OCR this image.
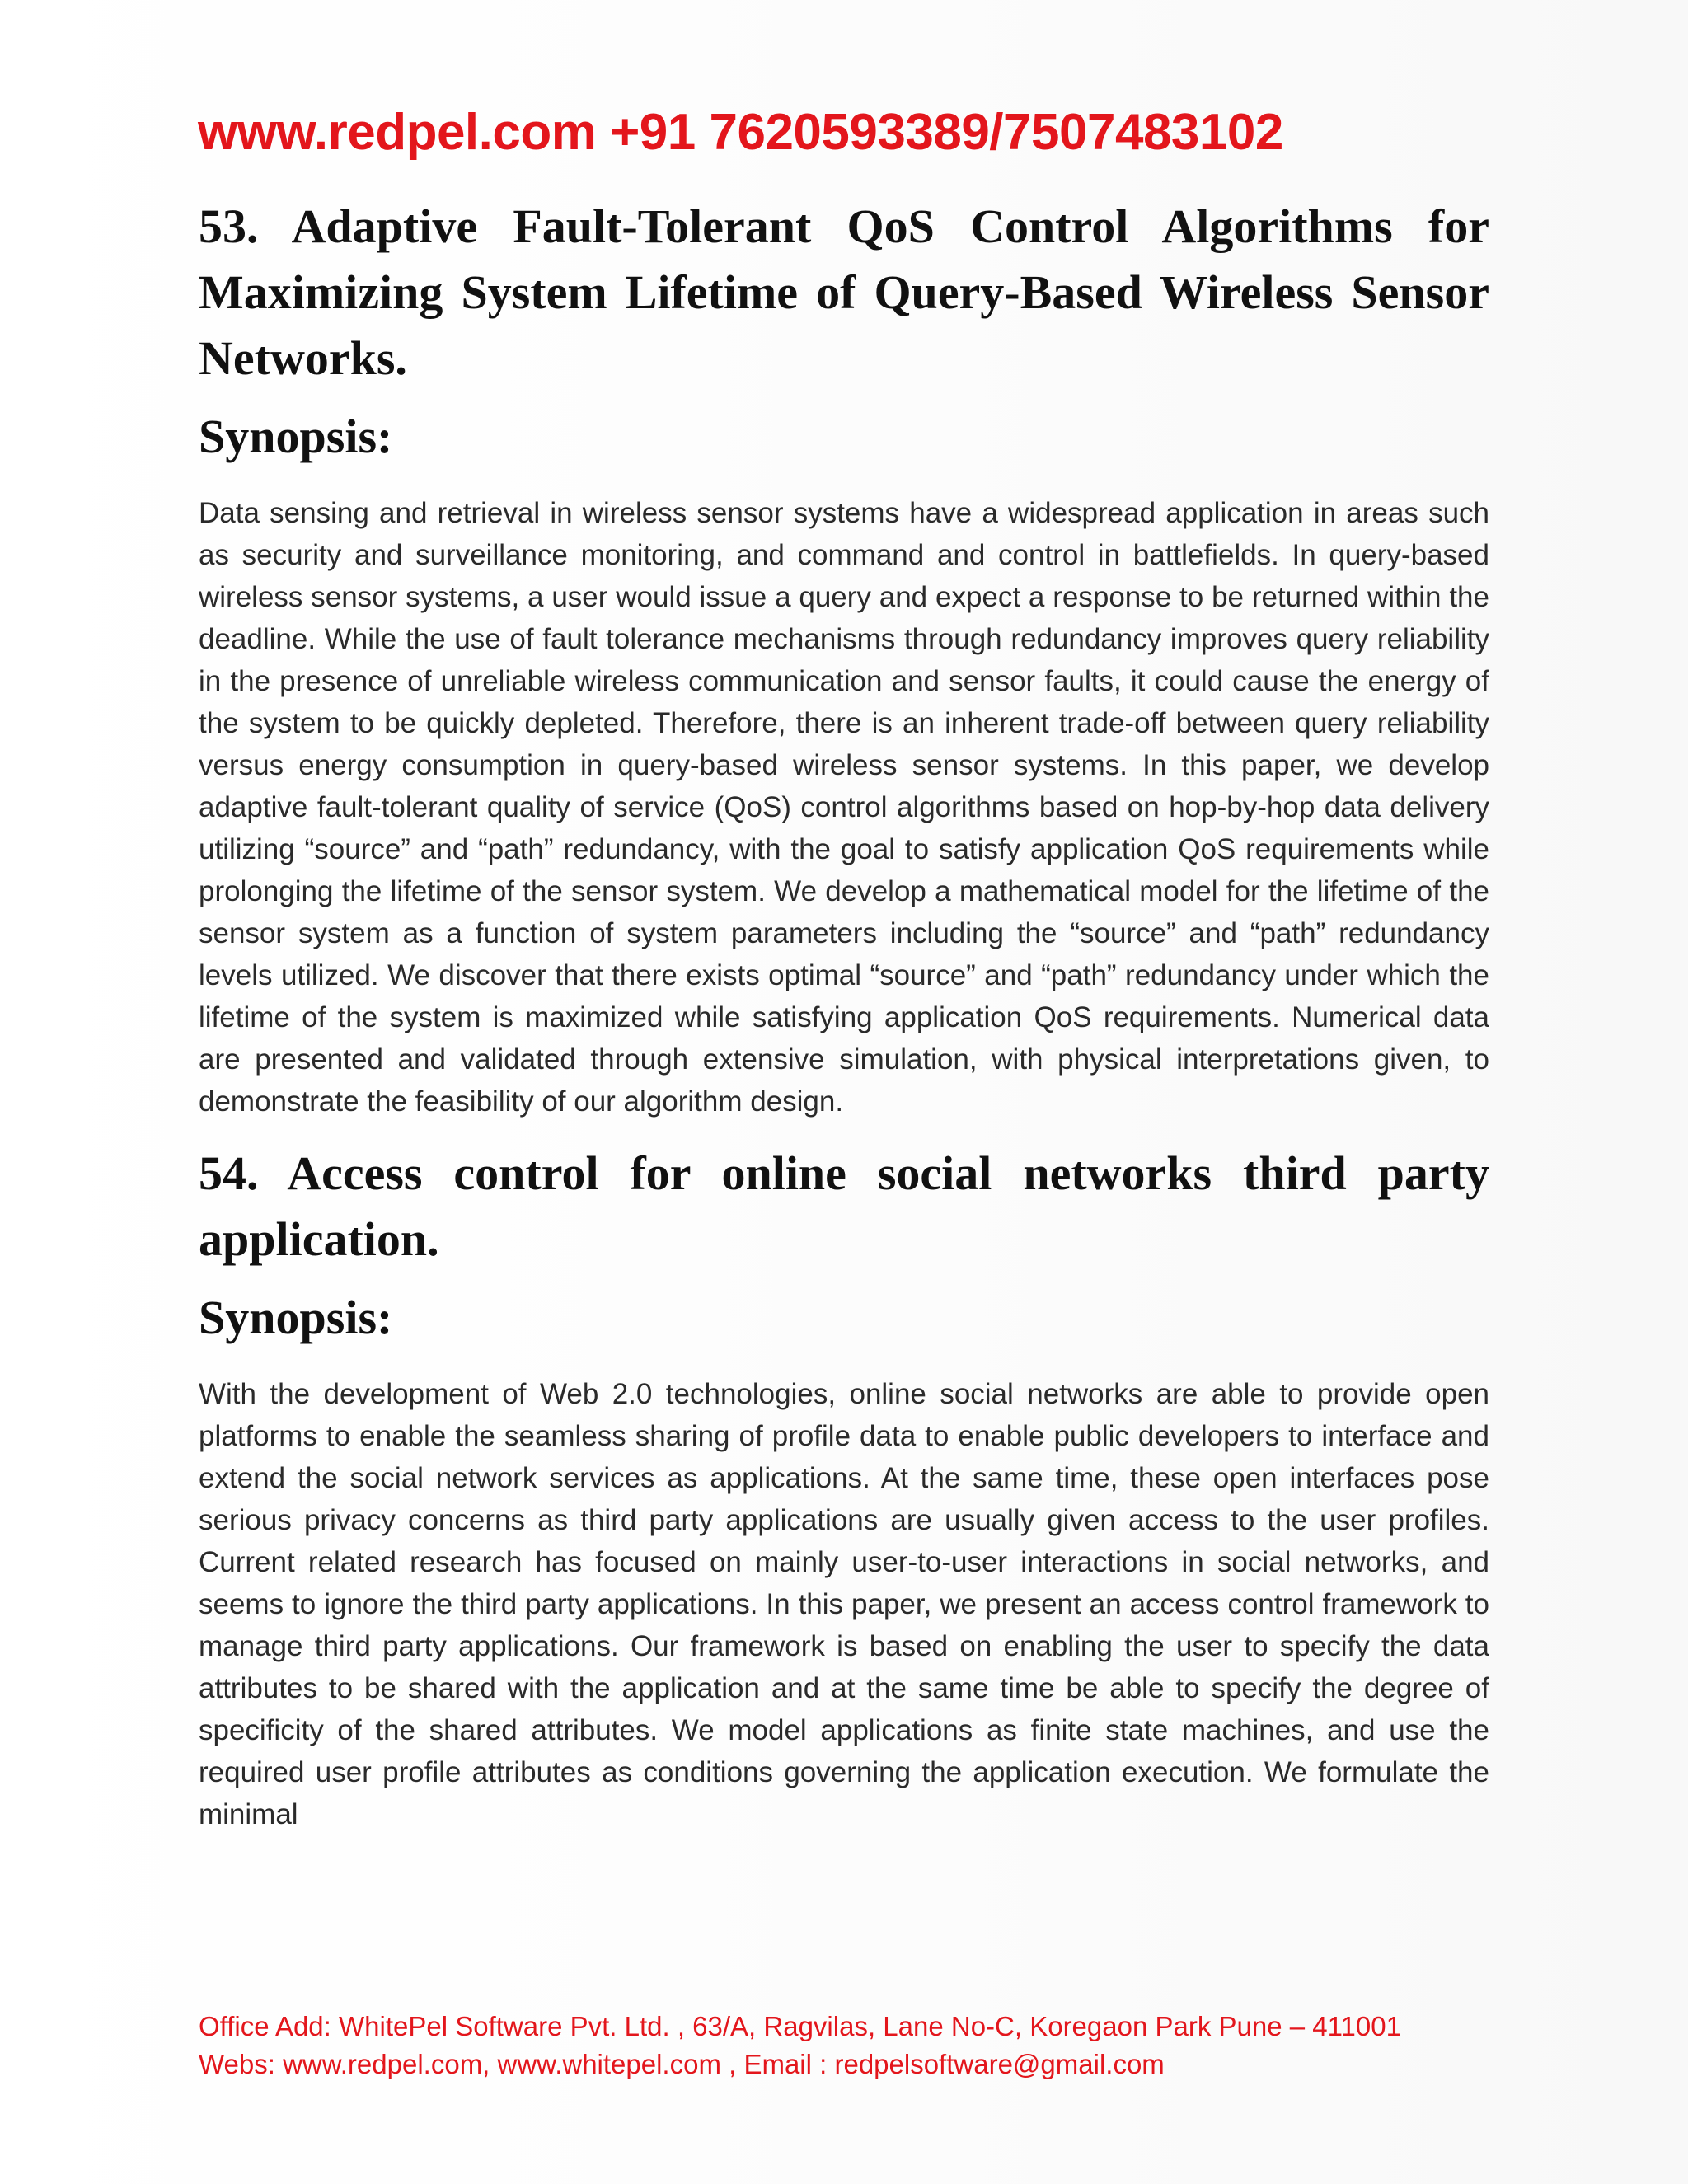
www.redpel.com +91 7620593389/7507483102
53. Adaptive Fault-Tolerant QoS Control Algorithms for Maximizing System Lifetime of Query-Based Wireless Sensor Networks.
Synopsis:

Data sensing and retrieval in wireless sensor systems have a widespread application in areas such as security and surveillance monitoring, and command and control in battlefields. In query-based wireless sensor systems, a user would issue a query and expect a response to be returned within the deadline. While the use of fault tolerance mechanisms through redundancy improves query reliability in the presence of unreliable wireless communication and sensor faults, it could cause the energy of the system to be quickly depleted. Therefore, there is an inherent trade-off between query reliability versus energy consumption in query-based wireless sensor systems. In this paper, we develop adaptive fault-tolerant quality of service (QoS) control algorithms based on hop-by-hop data delivery utilizing “source” and “path” redundancy, with the goal to satisfy application QoS requirements while prolonging the lifetime of the sensor system. We develop a mathematical model for the lifetime of the sensor system as a function of system parameters including the “source” and “path” redundancy levels utilized. We discover that there exists optimal “source” and “path” redundancy under which the lifetime of the system is maximized while satisfying application QoS requirements. Numerical data are presented and validated through extensive simulation, with physical interpretations given, to demonstrate the feasibility of our algorithm design.

54. Access control for online social networks third party application.
Synopsis:

With the development of Web 2.0 technologies, online social networks are able to provide open platforms to enable the seamless sharing of profile data to enable public developers to interface and extend the social network services as applications. At the same time, these open interfaces pose serious privacy concerns as third party applications are usually given access to the user profiles. Current related research has focused on mainly user-to-user interactions in social networks, and seems to ignore the third party applications. In this paper, we present an access control framework to manage third party applications. Our framework is based on enabling the user to specify the data attributes to be shared with the application and at the same time be able to specify the degree of specificity of the shared attributes. We model applications as finite state machines, and use the required user profile attributes as conditions governing the application execution. We formulate the minimal

Office Add: WhitePel Software Pvt. Ltd. , 63/A, Ragvilas, Lane No-C, Koregaon Park Pune – 411001
Webs: www.redpel.com, www.whitepel.com , Email : redpelsoftware@gmail.com
